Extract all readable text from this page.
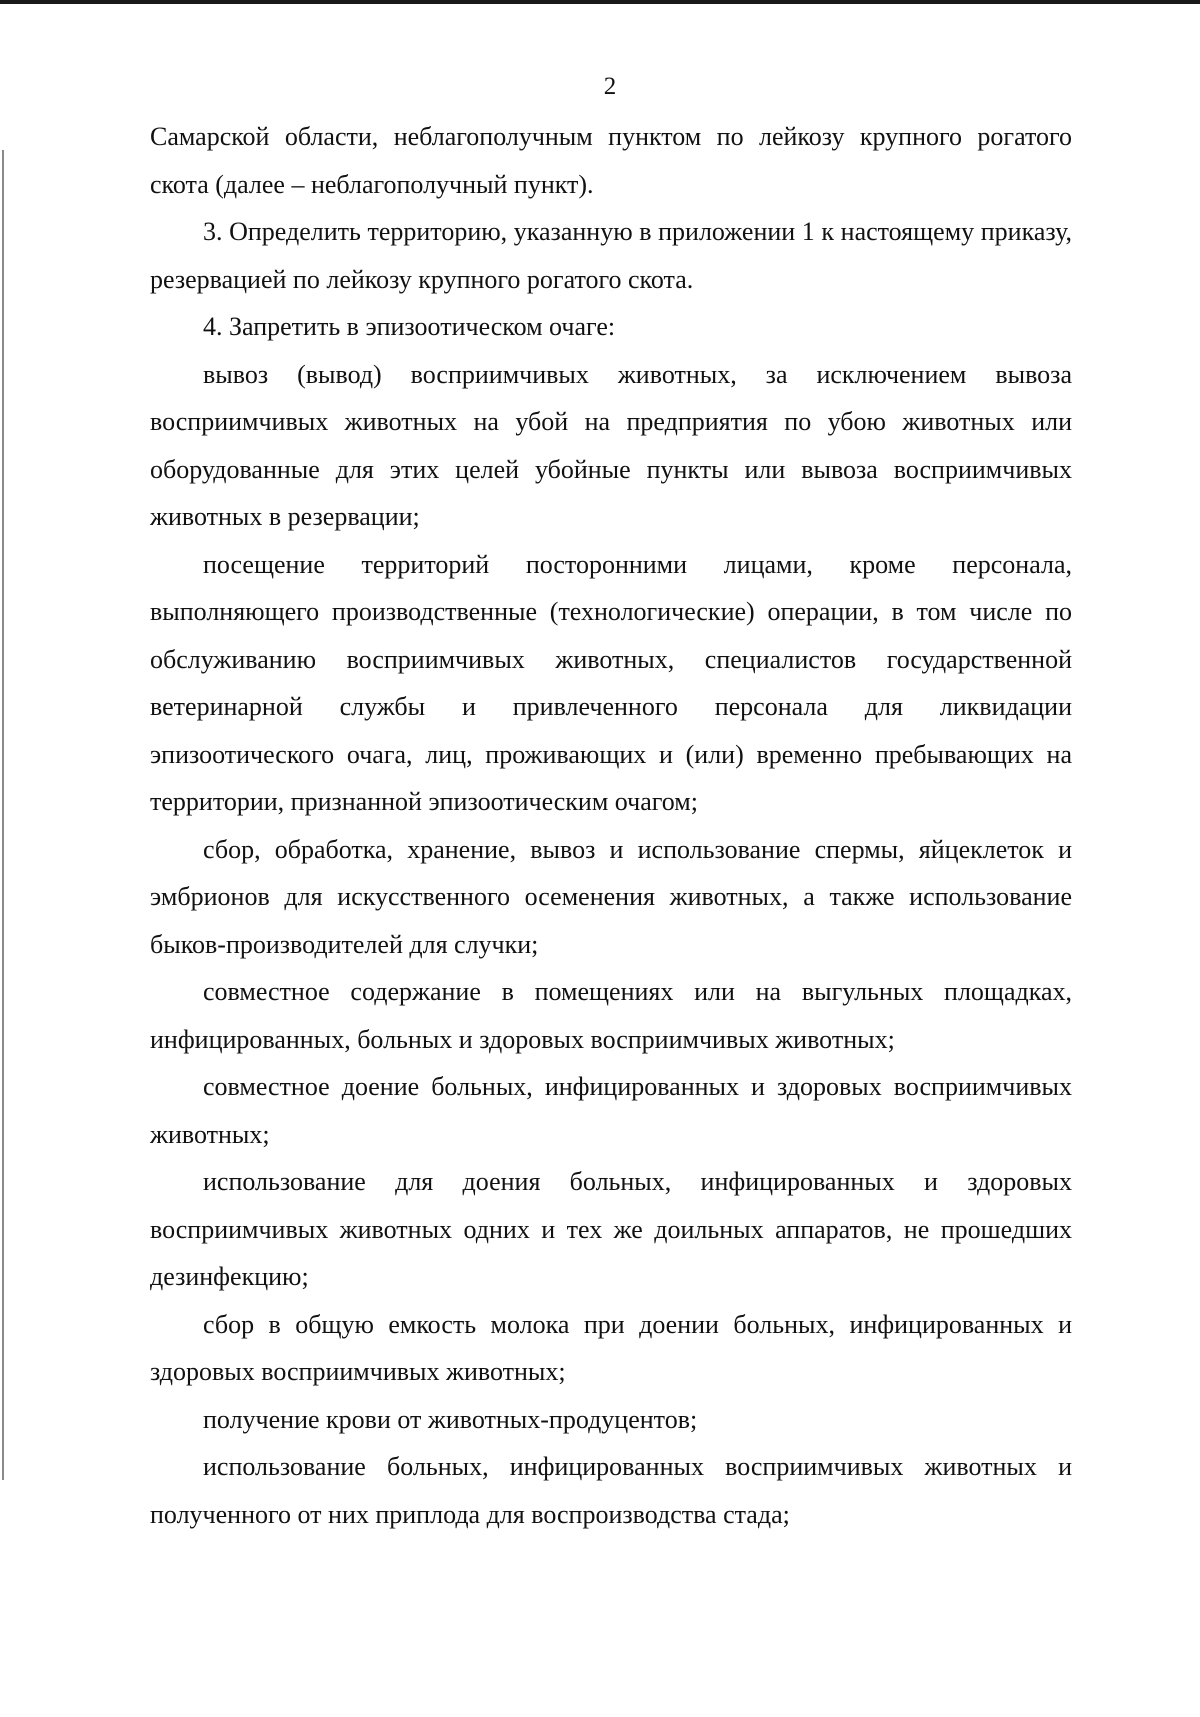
2

Самарской области, неблагополучным пунктом по лейкозу крупного рогатого скота (далее – неблагополучный пункт).

3. Определить территорию, указанную в приложении 1 к настоящему приказу, резервацией по лейкозу крупного рогатого скота.

4. Запретить в эпизоотическом очаге:

вывоз (вывод) восприимчивых животных, за исключением вывоза восприимчивых животных на убой на предприятия по убою животных или оборудованные для этих целей убойные пункты или вывоза восприимчивых животных в резервации;

посещение территорий посторонними лицами, кроме персонала, выполняющего производственные (технологические) операции, в том числе по обслуживанию восприимчивых животных, специалистов государственной ветеринарной службы и привлеченного персонала для ликвидации эпизоотического очага, лиц, проживающих и (или) временно пребывающих на территории, признанной эпизоотическим очагом;

сбор, обработка, хранение, вывоз и использование спермы, яйцеклеток и эмбрионов для искусственного осеменения животных, а также использование быков-производителей для случки;

совместное содержание в помещениях или на выгульных площадках, инфицированных, больных и здоровых восприимчивых животных;

совместное доение больных, инфицированных и здоровых восприимчивых животных;

использование для доения больных, инфицированных и здоровых восприимчивых животных одних и тех же доильных аппаратов, не прошедших дезинфекцию;

сбор в общую емкость молока при доении больных, инфицированных и здоровых восприимчивых животных;

получение крови от животных-продуцентов;

использование больных, инфицированных восприимчивых животных и полученного от них приплода для воспроизводства стада;
